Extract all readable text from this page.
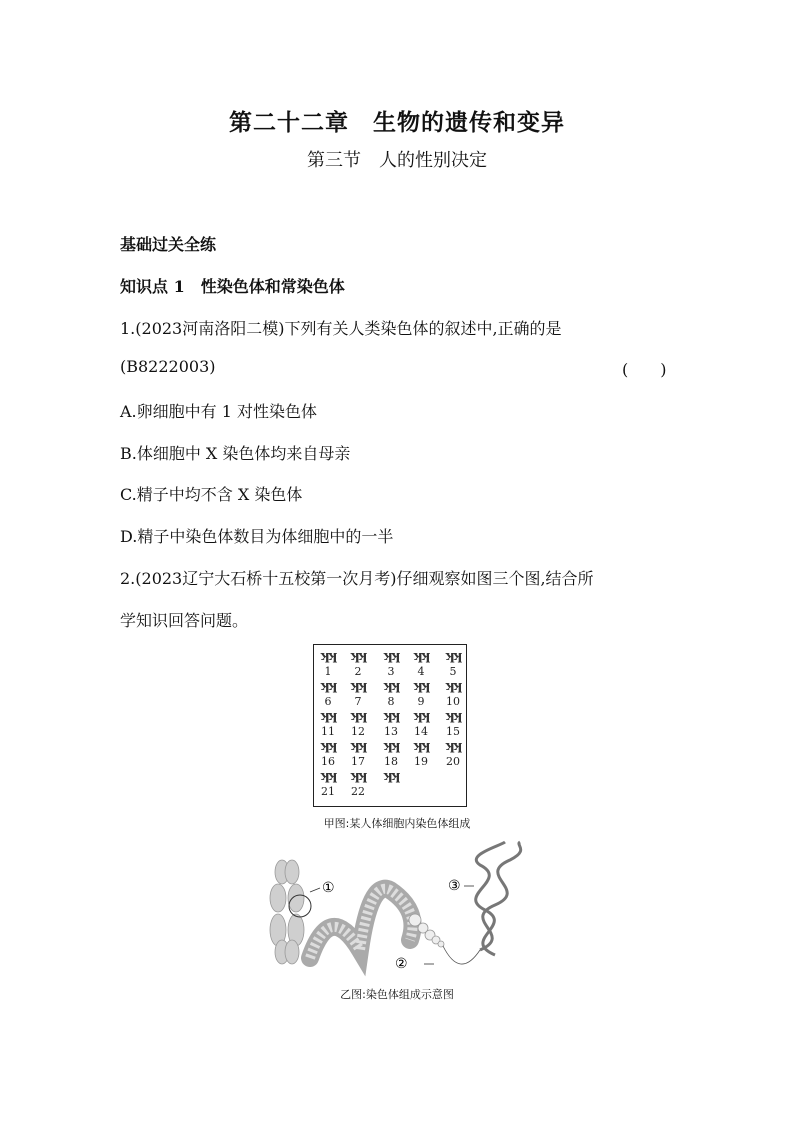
第二十二章　生物的遗传和变异
第三节　人的性别决定
基础过关全练
知识点 1　性染色体和常染色体
1.(2023河南洛阳二模)下列有关人类染色体的叙述中,正确的是
(B8222003)	(　　)
A.卵细胞中有 1 对性染色体
B.体细胞中 X 染色体均来自母亲
C.精子中均不含 X 染色体
D.精子中染色体数目为体细胞中的一半
2.(2023辽宁大石桥十五校第一次月考)仔细观察如图三个图,结合所
学知识回答问题。
ʞʞ
1
ʞʞ
2
ʞʞ
3
ʞʞ
4
ʞʞ
5
ʞʞ
6
ʞʞ
7
ʞʞ
8
ʞʞ
9
ʞʞ
10
ʞʞ
11
ʞʞ
12
ʞʞ
13
ʞʞ
14
ʞʞ
15
ʞʞ
16
ʞʞ
17
ʞʞ
18
ʞʞ
19
ʞʞ
20
ʞʞ
21
ʞʞ
22
ʞʞ
甲图:某人体细胞内染色体组成
①
②
③
乙图:染色体组成示意图
